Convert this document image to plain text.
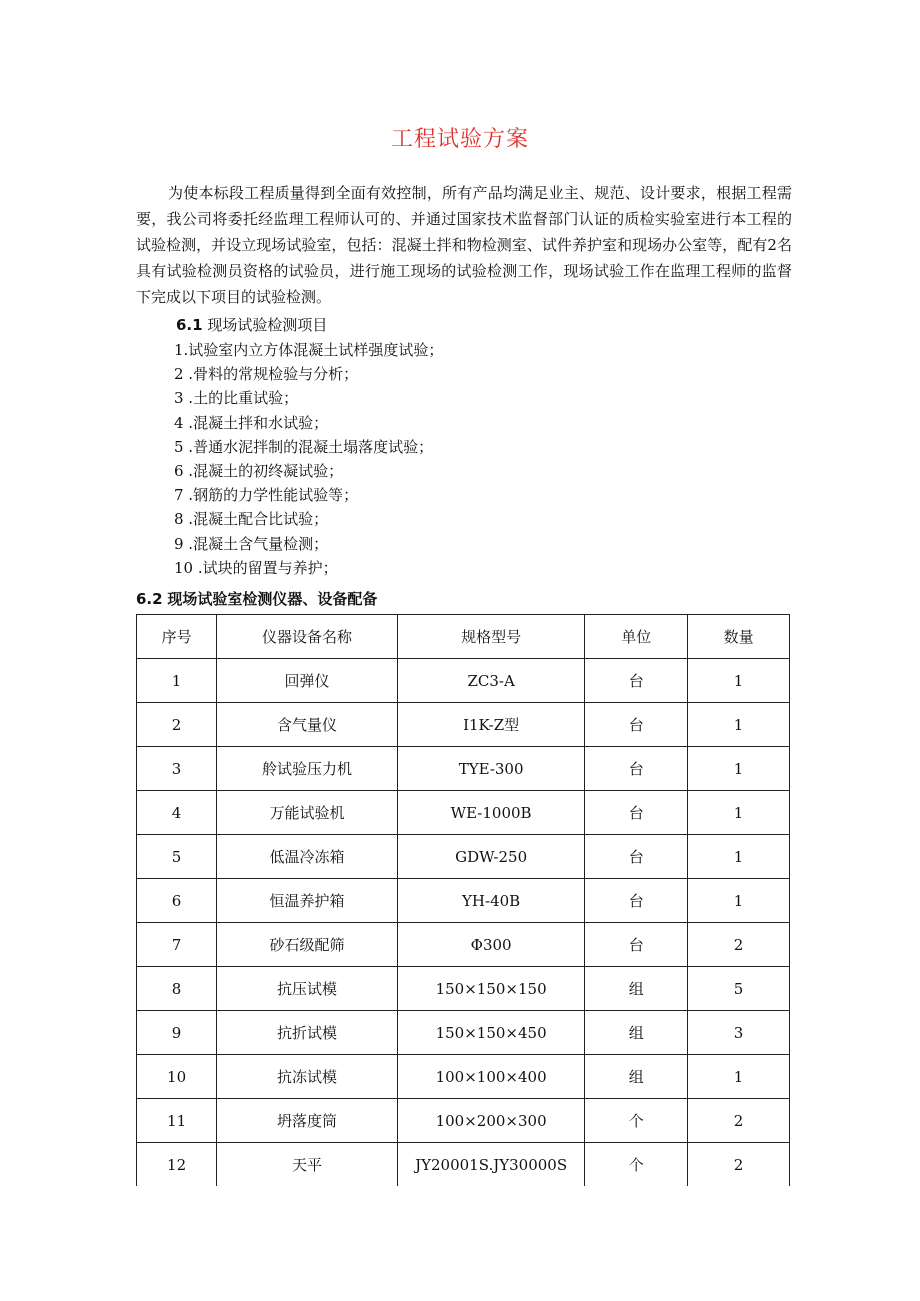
工程试验方案

为使本标段工程质量得到全面有效控制，所有产品均满足业主、规范、设计要求，根据工程需要，我公司将委托经监理工程师认可的、并通过国家技术监督部门认证的质检实验室进行本工程的试验检测，并设立现场试验室，包括：混凝土拌和物检测室、试件养护室和现场办公室等，配有2名具有试验检测员资格的试验员，进行施工现场的试验检测工作，现场试验工作在监理工程师的监督下完成以下项目的试验检测。

6.1 现场试验检测项目
1.试验室内立方体混凝土试样强度试验；
2 .骨料的常规检验与分析；
3 .土的比重试验；
4 .混凝土拌和水试验；
5 .普通水泥拌制的混凝土塌落度试验；
6 .混凝土的初终凝试验；
7 .钢筋的力学性能试验等；
8 .混凝土配合比试验；
9 .混凝土含气量检测；
10 .试块的留置与养护；
6.2 现场试验室检测仪器、设备配备
序号	仪器设备名称	规格型号	单位	数量
1	回弹仪	ZC3-A	台	1
2	含气量仪	I1K-Z型	台	1
3	舲试验压力机	TYE-300	台	1
4	万能试验机	WE-1000B	台	1
5	低温冷冻箱	GDW-250	台	1
6	恒温养护箱	YH-40B	台	1
7	砂石级配筛	Φ300	台	2
8	抗压试模	150×150×150	组	5
9	抗折试模	150×150×450	组	3
10	抗冻试模	100×100×400	组	1
11	坍落度筒	100×200×300	个	2
12	天平	JY20001S.JY30000S	个	2
